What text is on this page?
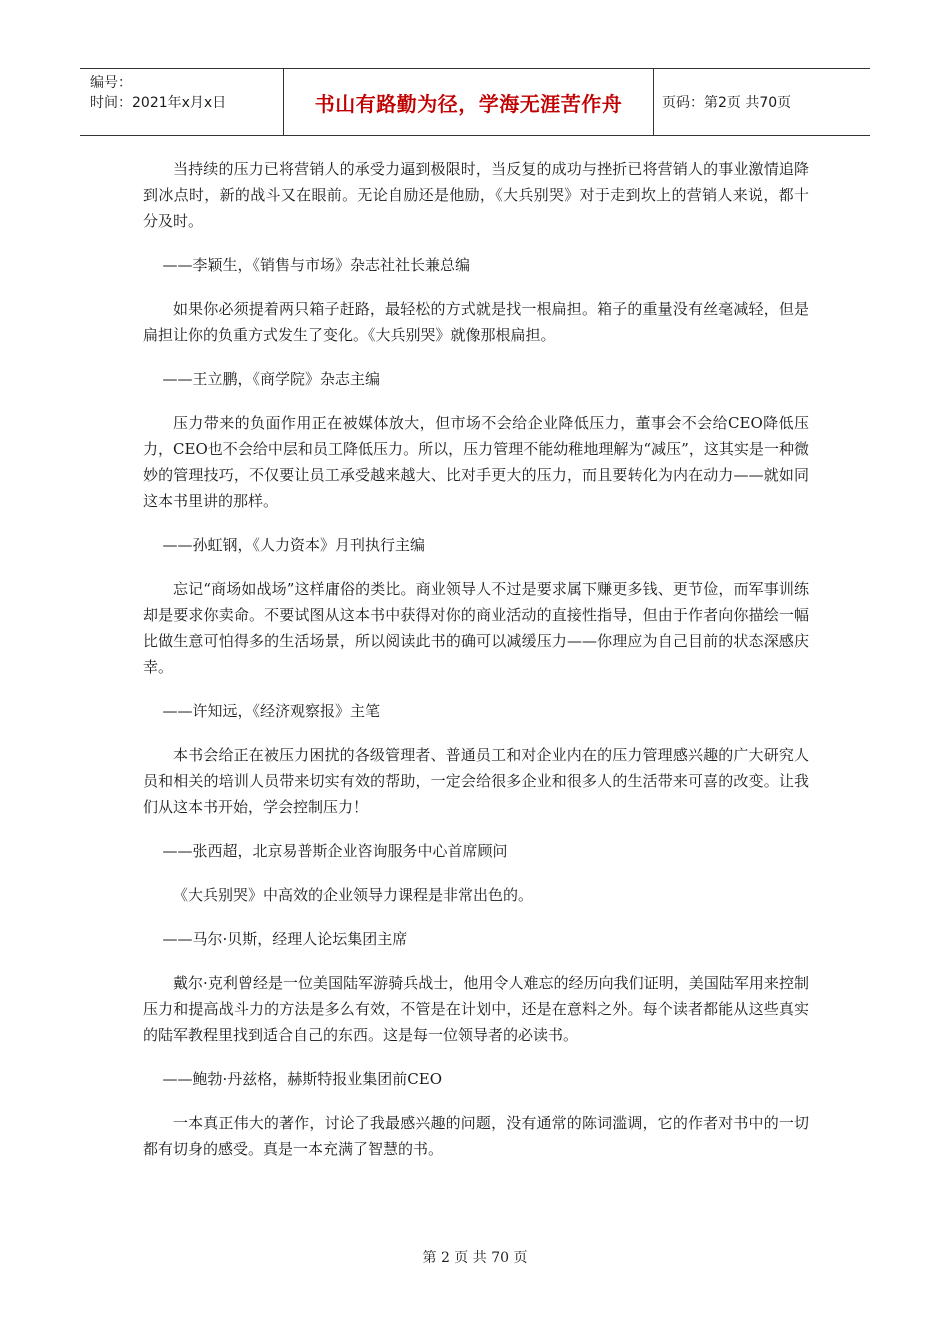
编号：
时间：2021年x月x日	书山有路勤为径，学海无涯苦作舟	页码：第2页 共70页

当持续的压力已将营销人的承受力逼到极限时，当反复的成功与挫折已将营销人的事业激情追降到冰点时，新的战斗又在眼前。无论自励还是他励，《大兵别哭》对于走到坎上的营销人来说，都十分及时。

——李颖生，《销售与市场》杂志社社长兼总编

如果你必须提着两只箱子赶路，最轻松的方式就是找一根扁担。箱子的重量没有丝毫减轻，但是扁担让你的负重方式发生了变化。《大兵别哭》就像那根扁担。

——王立鹏，《商学院》杂志主编

压力带来的负面作用正在被媒体放大，但市场不会给企业降低压力，董事会不会给CEO降低压力，CEO也不会给中层和员工降低压力。所以，压力管理不能幼稚地理解为“减压”，这其实是一种微妙的管理技巧，不仅要让员工承受越来越大、比对手更大的压力，而且要转化为内在动力——就如同这本书里讲的那样。

——孙虹钢，《人力资本》月刊执行主编

忘记“商场如战场”这样庸俗的类比。商业领导人不过是要求属下赚更多钱、更节俭，而军事训练却是要求你卖命。不要试图从这本书中获得对你的商业活动的直接性指导，但由于作者向你描绘一幅比做生意可怕得多的生活场景，所以阅读此书的确可以减缓压力——你理应为自己目前的状态深感庆幸。

——许知远，《经济观察报》主笔

本书会给正在被压力困扰的各级管理者、普通员工和对企业内在的压力管理感兴趣的广大研究人员和相关的培训人员带来切实有效的帮助，一定会给很多企业和很多人的生活带来可喜的改变。让我们从这本书开始，学会控制压力！

——张西超，北京易普斯企业咨询服务中心首席顾问

《大兵别哭》中高效的企业领导力课程是非常出色的。

——马尔·贝斯，经理人论坛集团主席

戴尔·克利曾经是一位美国陆军游骑兵战士，他用令人难忘的经历向我们证明，美国陆军用来控制压力和提高战斗力的方法是多么有效，不管是在计划中，还是在意料之外。每个读者都能从这些真实的陆军教程里找到适合自己的东西。这是每一位领导者的必读书。

——鲍勃·丹兹格，赫斯特报业集团前CEO

一本真正伟大的著作，讨论了我最感兴趣的问题，没有通常的陈词滥调，它的作者对书中的一切都有切身的感受。真是一本充满了智慧的书。

第 2 页 共 70 页
